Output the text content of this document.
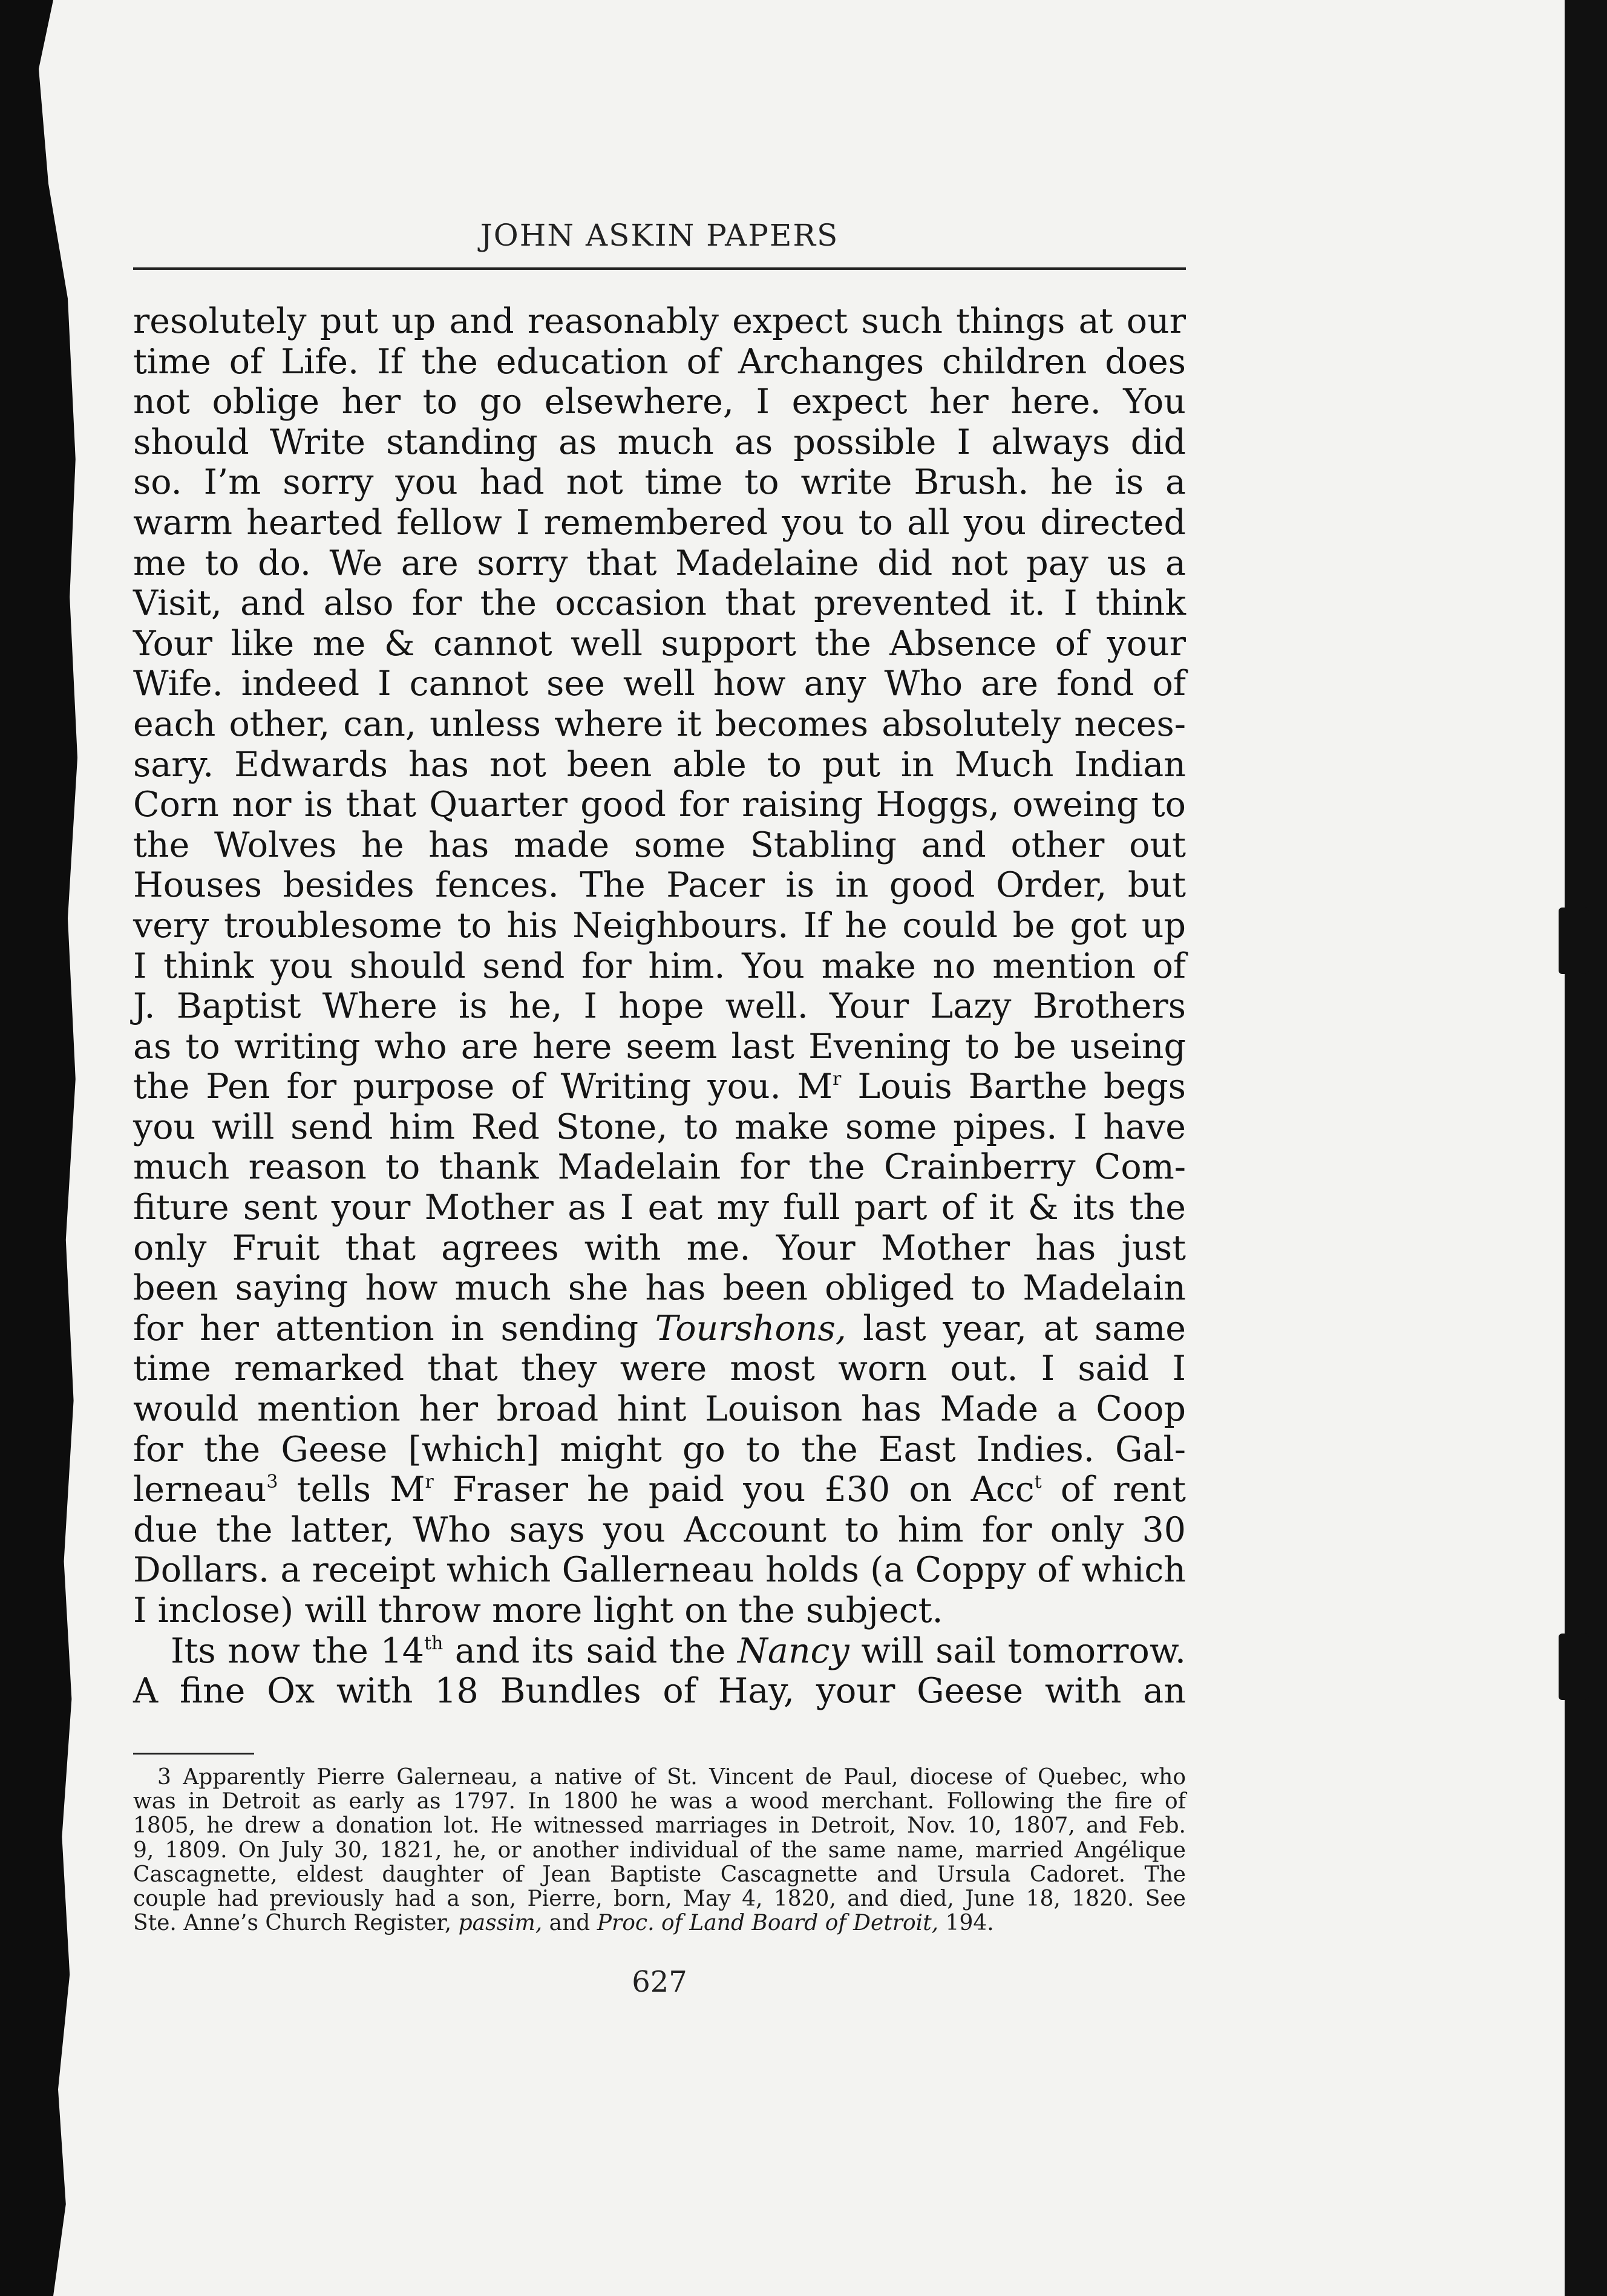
JOHN ASKIN PAPERS
resolutely put up and reasonably expect such things at our
time of Life. If the education of Archanges children does
not oblige her to go elsewhere, I expect her here. You
should Write standing as much as possible I always did
so. I’m sorry you had not time to write Brush. he is a
warm hearted fellow I remembered you to all you directed
me to do. We are sorry that Madelaine did not pay us a
Visit, and also for the occasion that prevented it. I think
Your like me & cannot well support the Absence of your
Wife. indeed I cannot see well how any Who are fond of
each other, can, unless where it becomes absolutely neces-
sary. Edwards has not been able to put in Much Indian
Corn nor is that Quarter good for raising Hoggs, oweing to
the Wolves he has made some Stabling and other out
Houses besides fences. The Pacer is in good Order, but
very troublesome to his Neighbours. If he could be got up
I think you should send for him. You make no mention of
J. Baptist Where is he, I hope well. Your Lazy Brothers
as to writing who are here seem last Evening to be useing
the Pen for purpose of Writing you. $M^r$ Louis Barthe begs
you will send him Red Stone, to make some pipes. I have
much reason to thank Madelain for the Crainberry Com-
fiture sent your Mother as I eat my full part of it & its the
only Fruit that agrees with me. Your Mother has just
been saying how much she has been obliged to Madelain
for her attention in sending Tourshons, last year, at same
time remarked that they were most worn out. I said I
would mention her broad hint Louison has Made a Coop
for the Geese [which] might go to the East Indies. Gal-
lerneau$^3$ tells $M^r$ Fraser he paid you £30 on Acc$^t$ of rent
due the latter, Who says you Account to him for only 30
Dollars. a receipt which Gallerneau holds (a Coppy of which
I inclose) will throw more light on the subject.
Its now the 14th and its said the Nancy will sail tomorrow.
A fine Ox with 18 Bundles of Hay, your Geese with an
3 Apparently Pierre Galerneau, a native of St. Vincent de Paul, diocese of Quebec, who
was in Detroit as early as 1797. In 1800 he was a wood merchant. Following the fire of
1805, he drew a donation lot. He witnessed marriages in Detroit, Nov. 10, 1807, and Feb.
9, 1809. On July 30, 1821, he, or another individual of the same name, married Angélique
Cascagnette, eldest daughter of Jean Baptiste Cascagnette and Ursula Cadoret. The
couple had previously had a son, Pierre, born, May 4, 1820, and died, June 18, 1820. See
Ste. Anne’s Church Register, passim, and Proc. of Land Board of Detroit, 194.
627
